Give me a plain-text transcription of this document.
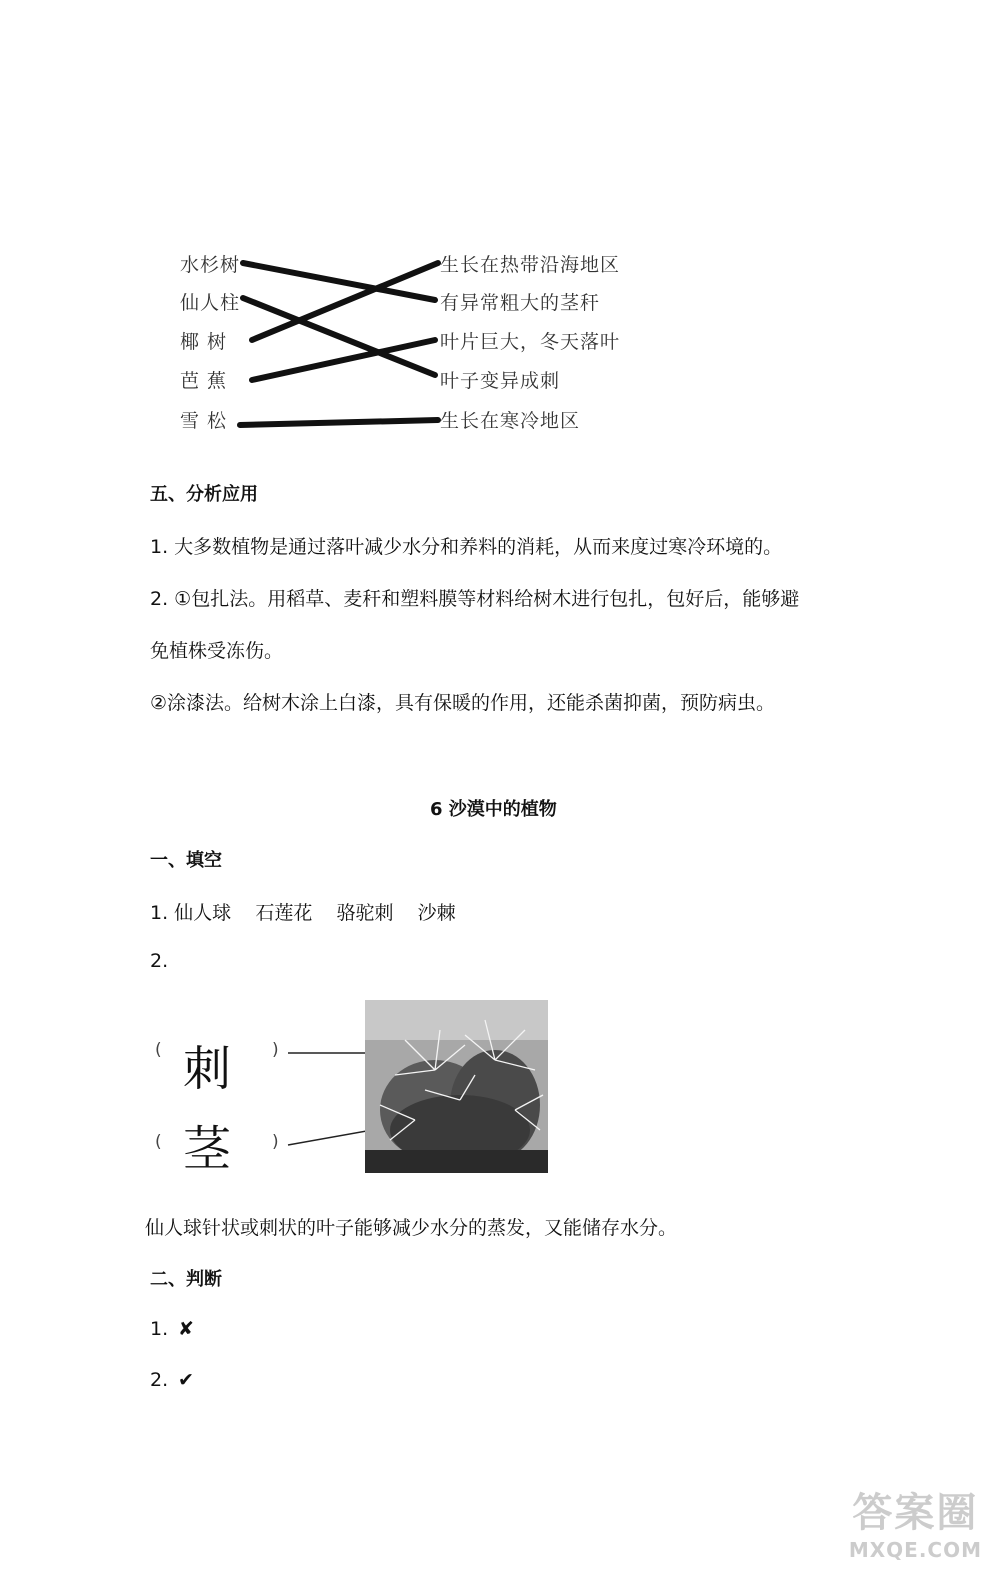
水杉树
仙人柱
椰 树
芭 蕉
雪 松
生长在热带沿海地区
有异常粗大的茎秆
叶片巨大，冬天落叶
叶子变异成刺
生长在寒冷地区
五、分析应用
1. 大多数植物是通过落叶减少水分和养料的消耗，从而来度过寒冷环境的。
2. ①包扎法。用稻草、麦秆和塑料膜等材料给树木进行包扎，包好后，能够避
免植株受冻伤。
②涂漆法。给树木涂上白漆，具有保暖的作用，还能杀菌抑菌，预防病虫。
6 沙漠中的植物
一、填空
1. 仙人球    石莲花    骆驼刺    沙棘
2.
( 刺 )
( 茎 )
仙人球针状或刺状的叶子能够减少水分的蒸发，又能储存水分。
二、判断
1. ✘
2. ✔
答案圈
MXQE.COM
